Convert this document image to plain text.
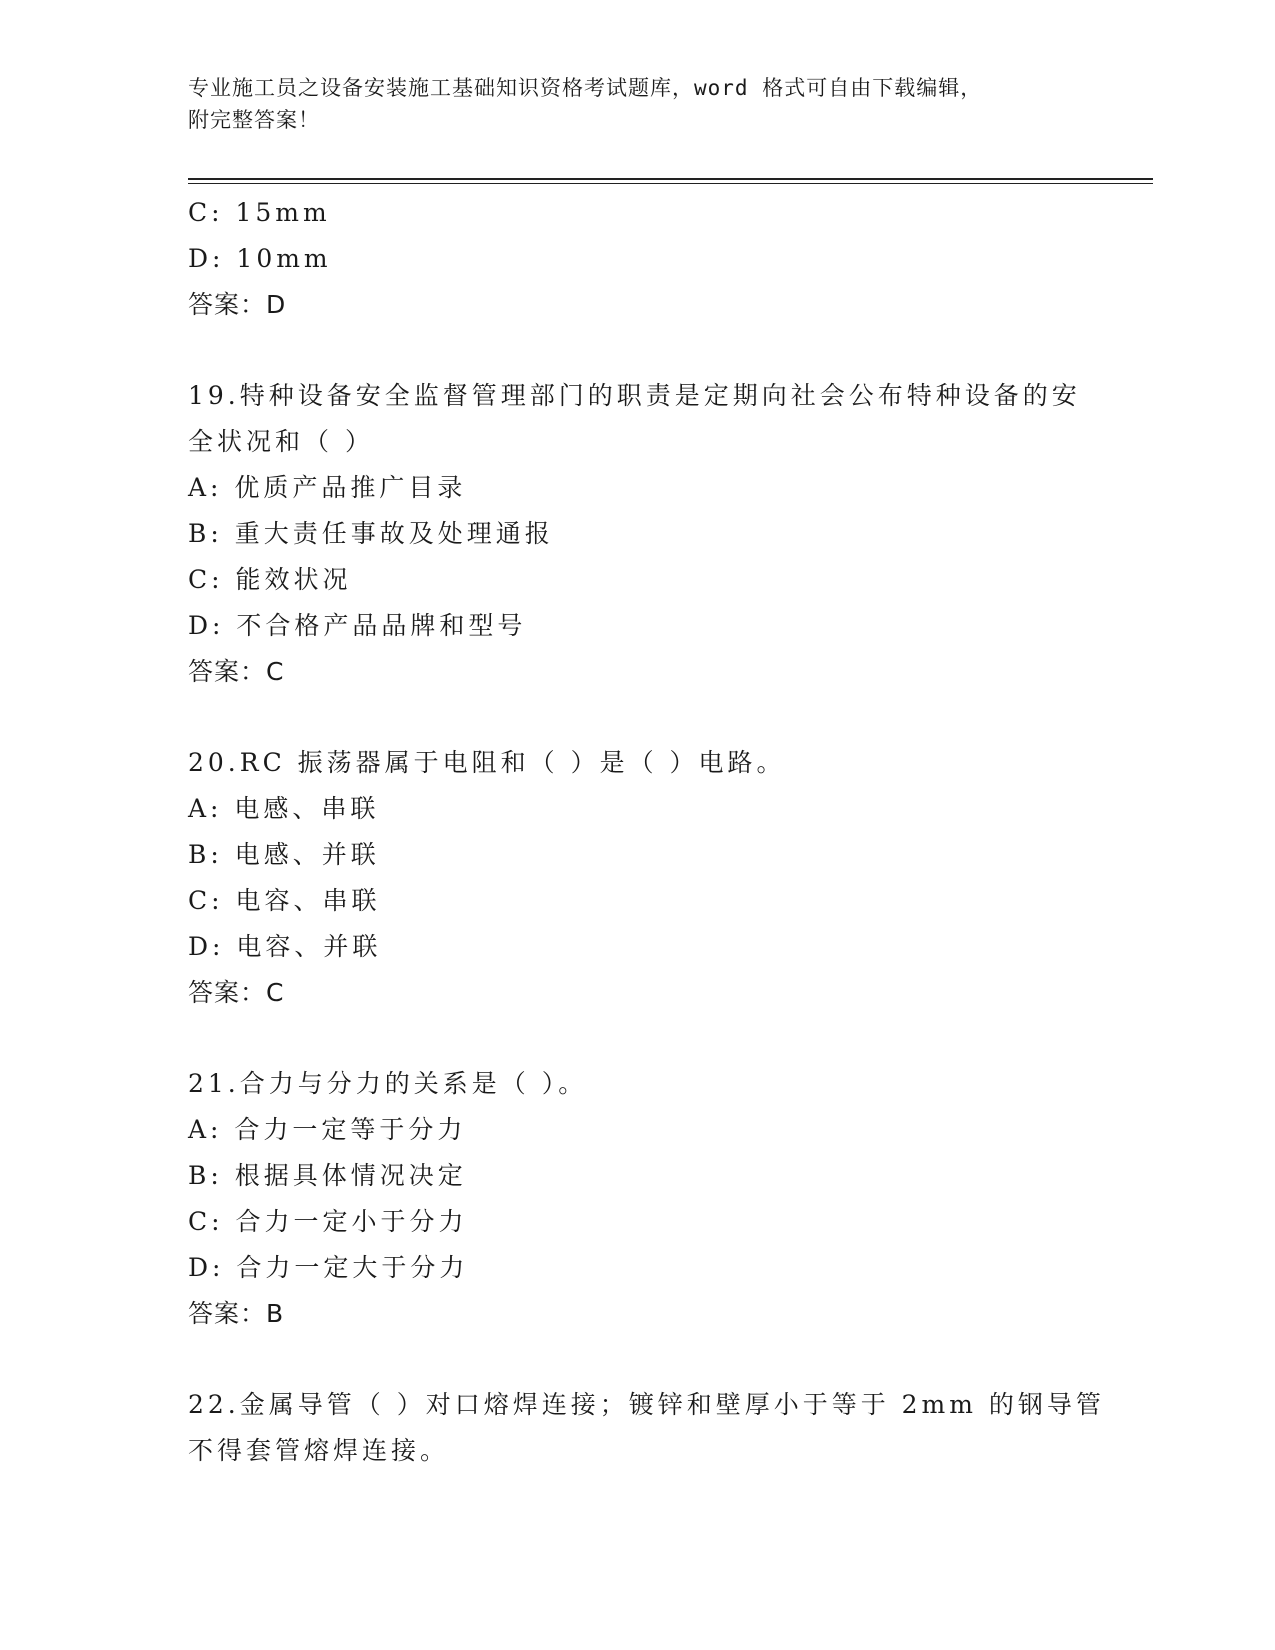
专业施工员之设备安装施工基础知识资格考试题库，word 格式可自由下载编辑，
附完整答案！
C: 15mm
D: 10mm
答案：D
19.特种设备安全监督管理部门的职责是定期向社会公布特种设备的安
全状况和（ ）
A: 优质产品推广目录
B: 重大责任事故及处理通报
C: 能效状况
D: 不合格产品品牌和型号
答案：C
20.RC 振荡器属于电阻和（ ）是（ ）电路。
A: 电感、串联
B: 电感、并联
C: 电容、串联
D: 电容、并联
答案：C
21.合力与分力的关系是（ ）。
A: 合力一定等于分力
B: 根据具体情况决定
C: 合力一定小于分力
D: 合力一定大于分力
答案：B
22.金属导管（ ）对口熔焊连接；镀锌和壁厚小于等于 2mm 的钢导管
不得套管熔焊连接。
